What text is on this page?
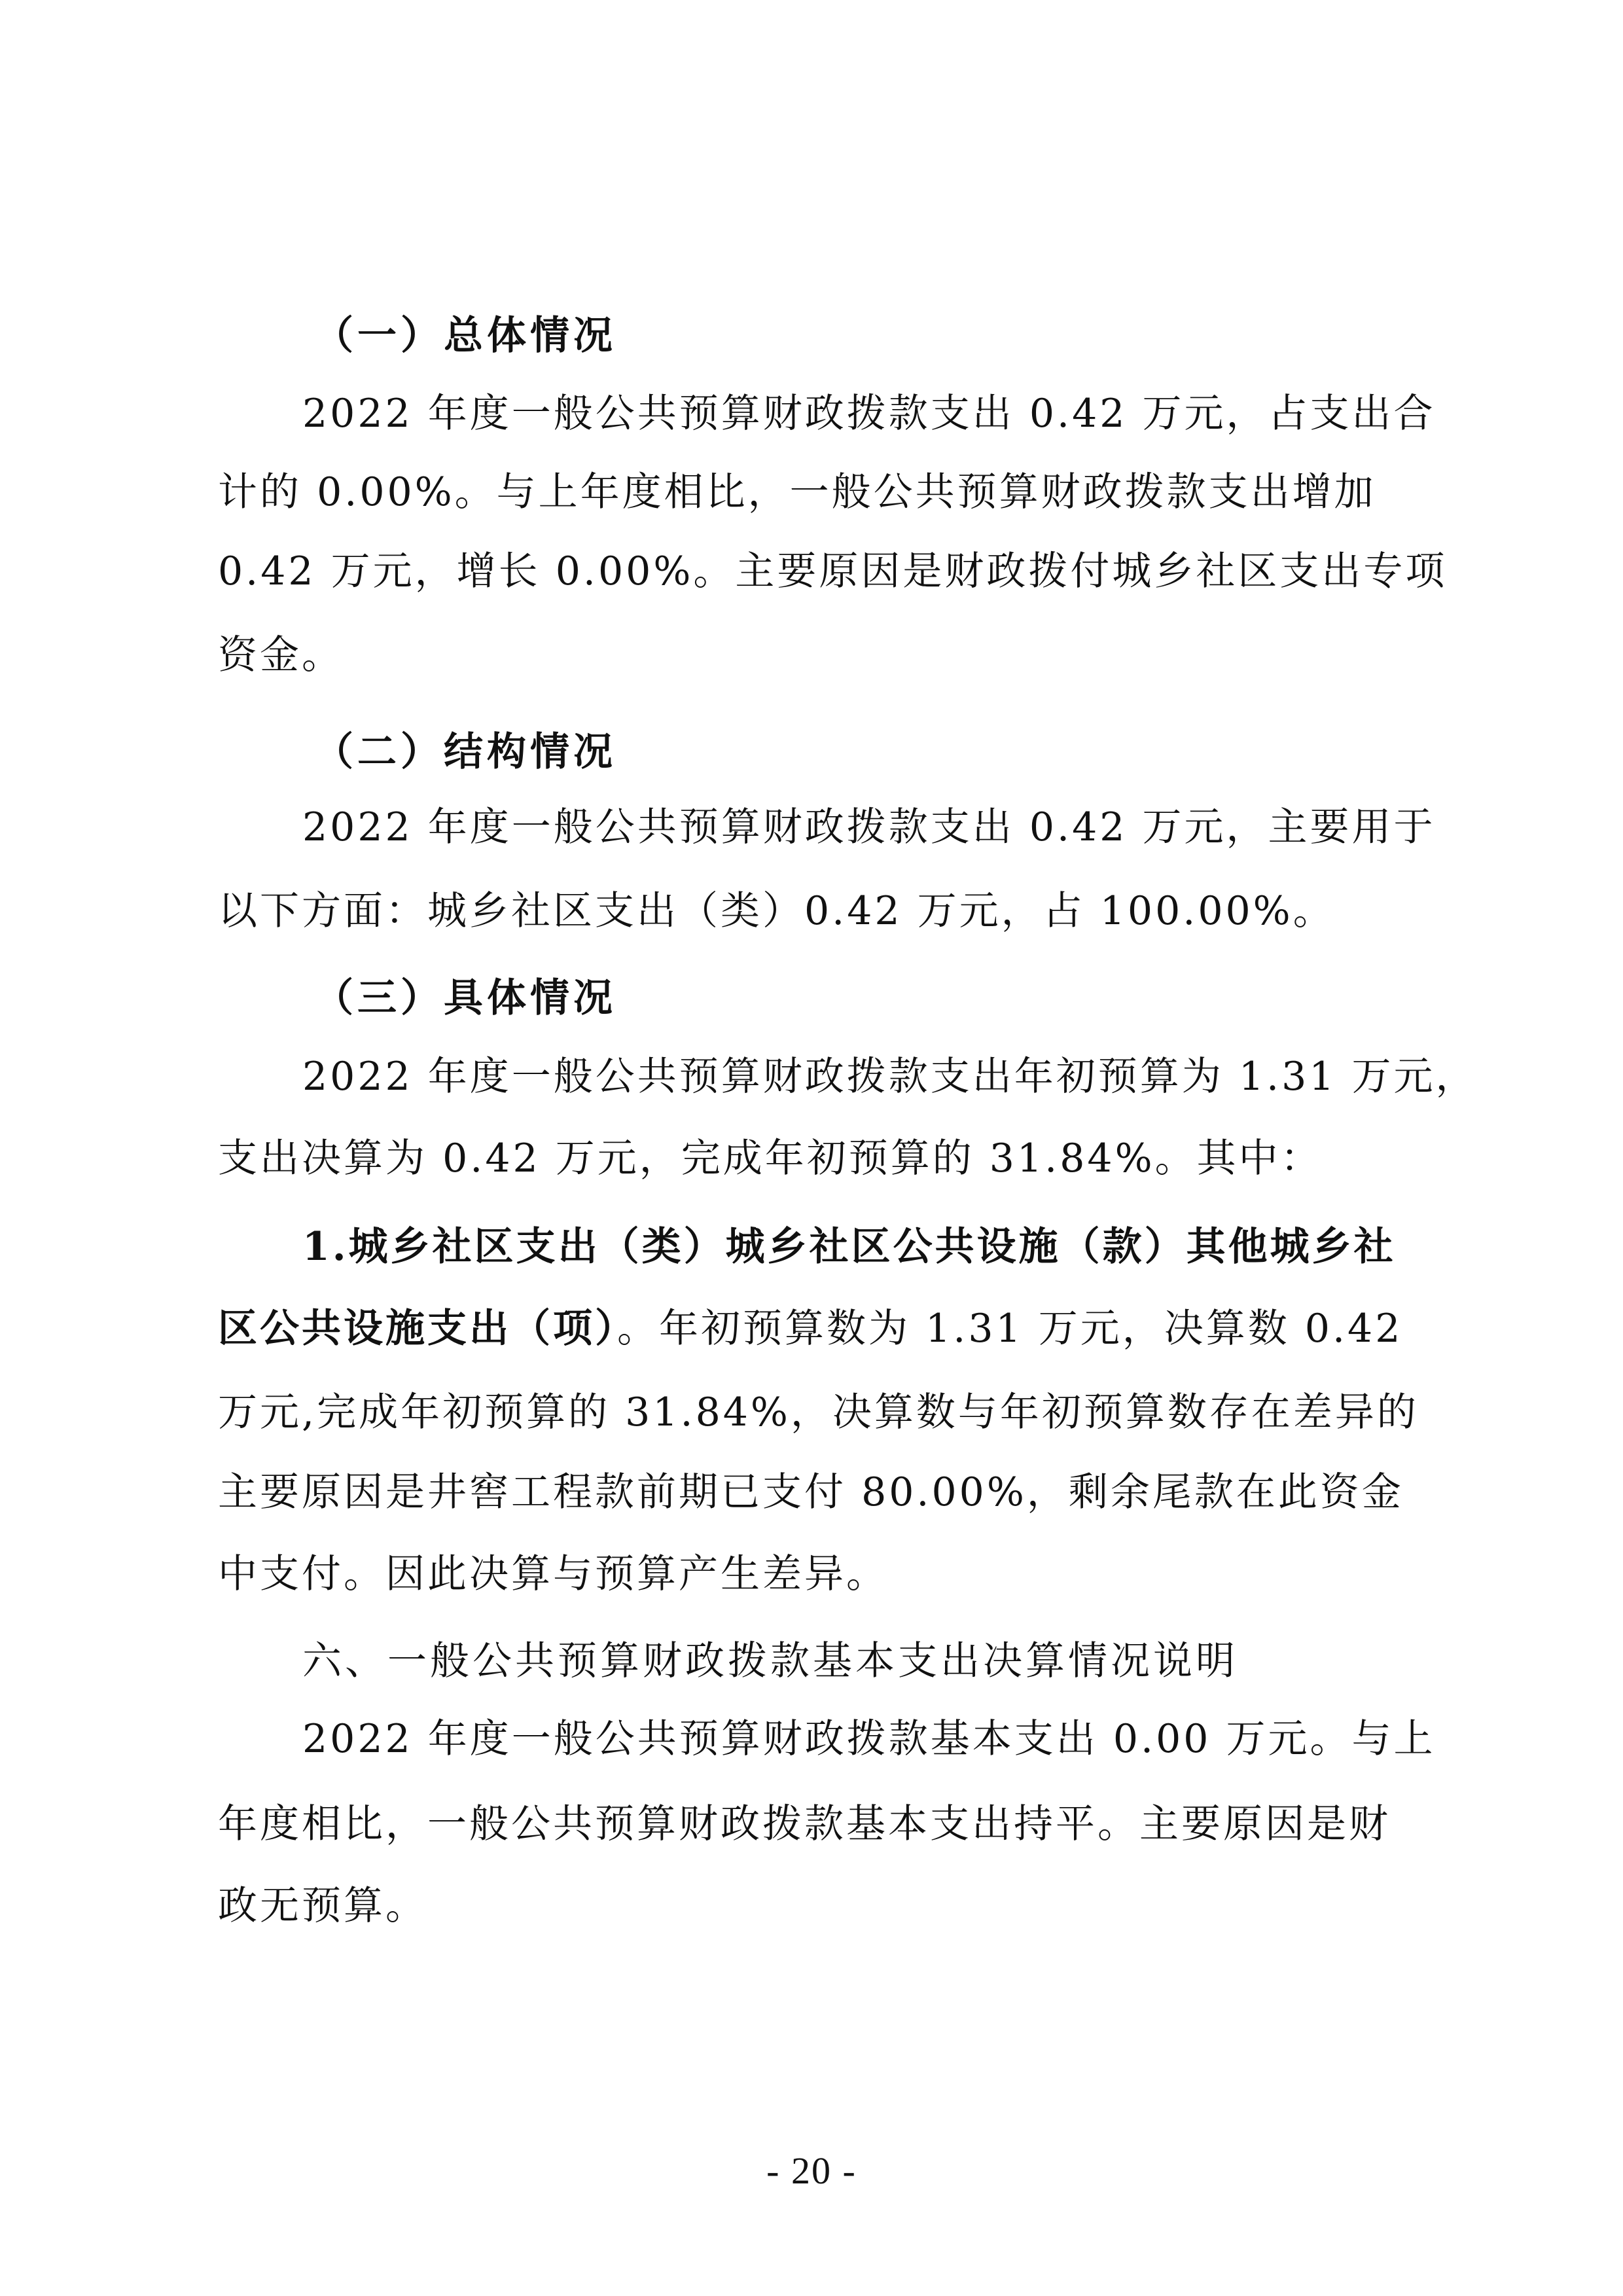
（一）总体情况
2022 年度一般公共预算财政拨款支出 0.42 万元，占支出合
计的 0.00%。与上年度相比，一般公共预算财政拨款支出增加
0.42 万元，增长 0.00%。主要原因是财政拨付城乡社区支出专项
资金。
（二）结构情况
2022 年度一般公共预算财政拨款支出 0.42 万元，主要用于
以下方面：城乡社区支出（类）0.42 万元，占 100.00%。
（三）具体情况
2022 年度一般公共预算财政拨款支出年初预算为 1.31 万元，
支出决算为 0.42 万元，完成年初预算的 31.84%。其中：
1.城乡社区支出（类）城乡社区公共设施（款）其他城乡社
区公共设施支出（项）。年初预算数为 1.31 万元，决算数 0.42
万元,完成年初预算的 31.84%，决算数与年初预算数存在差异的
主要原因是井窖工程款前期已支付 80.00%，剩余尾款在此资金
中支付。因此决算与预算产生差异。
六、一般公共预算财政拨款基本支出决算情况说明
2022 年度一般公共预算财政拨款基本支出 0.00 万元。与上
年度相比，一般公共预算财政拨款基本支出持平。主要原因是财
政无预算。
- 20 -
